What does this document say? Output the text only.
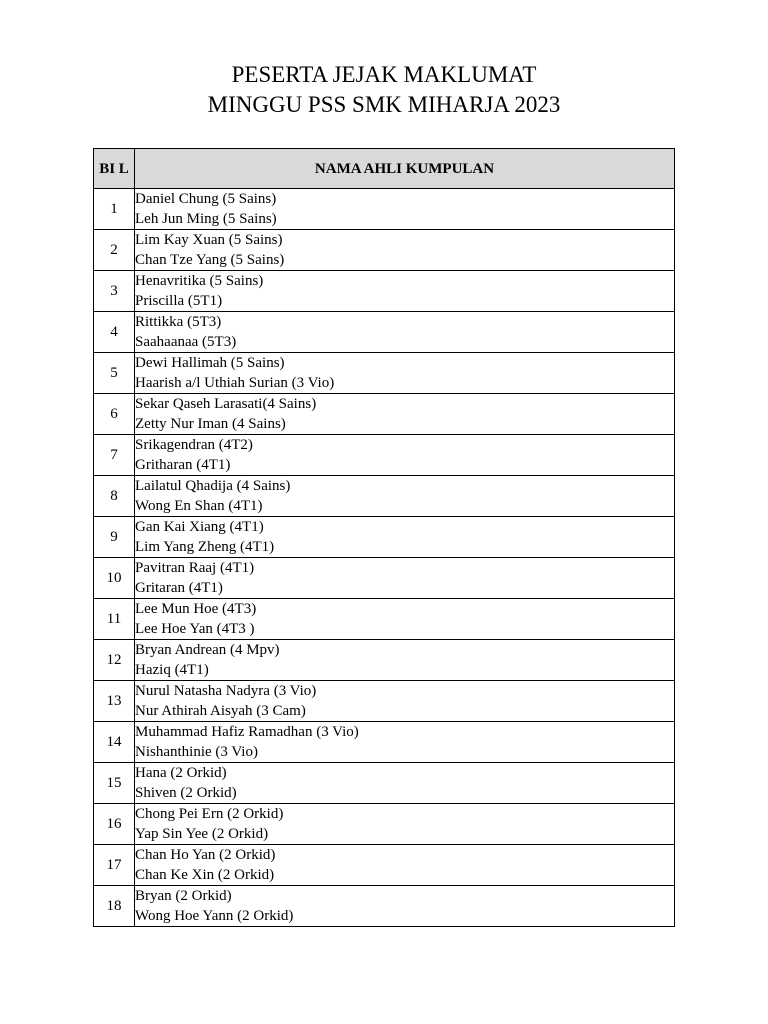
PESERTA JEJAK MAKLUMAT
MINGGU PSS SMK MIHARJA 2023
BI L	NAMA AHLI KUMPULAN
1	Daniel Chung (5 Sains)
Leh Jun Ming (5 Sains)

2	Lim Kay Xuan (5 Sains)
Chan Tze Yang (5 Sains)

3	Henavritika (5 Sains)
Priscilla (5T1)

4	Rittikka (5T3)
Saahaanaa (5T3)

5	Dewi Hallimah (5 Sains)
Haarish a/l Uthiah Surian (3 Vio)

6	Sekar Qaseh Larasati(4 Sains)
Zetty Nur Iman (4 Sains)

7	Srikagendran (4T2)
Gritharan (4T1)

8	Lailatul Qhadija (4 Sains)
Wong En Shan (4T1)

9	Gan Kai Xiang (4T1)
Lim Yang Zheng (4T1)

10	Pavitran Raaj (4T1)
Gritaran (4T1)

11	Lee Mun Hoe (4T3)
Lee Hoe Yan (4T3 )

12	Bryan Andrean (4 Mpv)
Haziq (4T1)

13	Nurul Natasha Nadyra (3 Vio)
Nur Athirah Aisyah (3 Cam)

14	Muhammad Hafiz Ramadhan (3 Vio)
Nishanthinie (3 Vio)

15	Hana (2 Orkid)
Shiven (2 Orkid)

16	Chong Pei Ern (2 Orkid)
Yap Sin Yee (2 Orkid)

17	Chan Ho Yan (2 Orkid)
Chan Ke Xin (2 Orkid)

18	Bryan (2 Orkid)
Wong Hoe Yann (2 Orkid)
